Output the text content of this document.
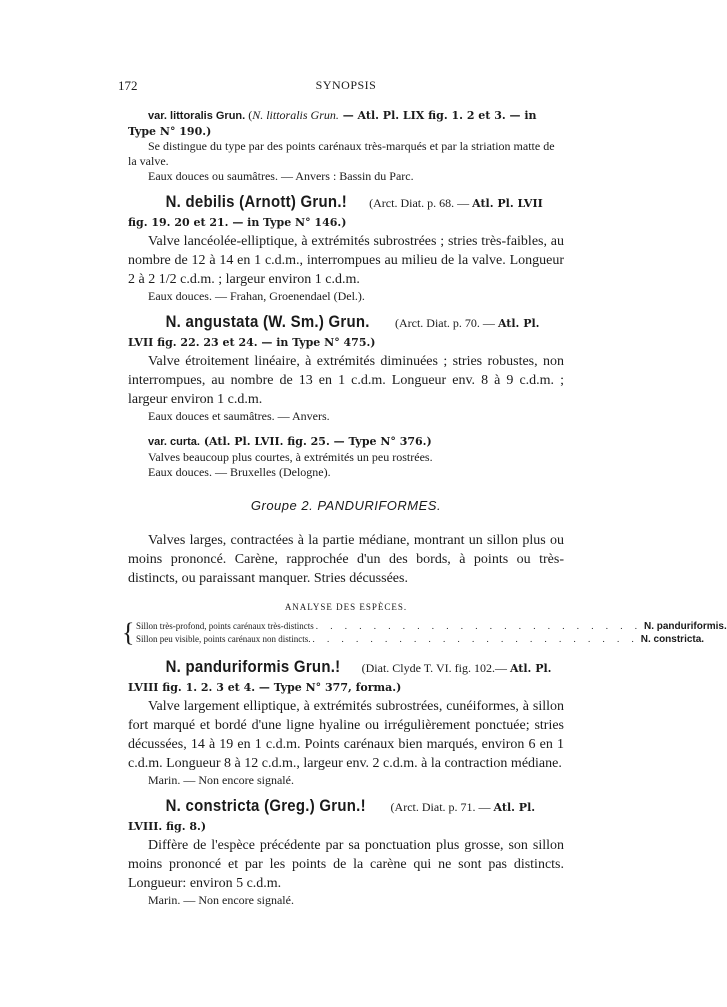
172	SYNOPSIS
var. littoralis Grun. (N. littoralis Grun. — Atl. Pl. LIX fig. 1. 2 et 3. — in Type N° 190.)
Se distingue du type par des points carénaux très-marqués et par la striation matte de la valve.
Eaux douces ou saumâtres. — Anvers : Bassin du Parc.
N. debilis (Arnott) Grun.! (Arct. Diat. p. 68. — Atl. Pl. LVII fig. 19. 20 et 21. — in Type N° 146.)
Valve lancéolée-elliptique, à extrémités subrostrées ; stries très-faibles, au nombre de 12 à 14 en 1 c.d.m., interrompues au milieu de la valve. Longueur 2 à 2 1/2 c.d.m. ; largeur environ 1 c.d.m.
Eaux douces. — Frahan, Groenendael (Del.).
N. angustata (W. Sm.) Grun. (Arct. Diat. p. 70. — Atl. Pl. LVII fig. 22. 23 et 24. — in Type N° 475.)
Valve étroitement linéaire, à extrémités diminuées ; stries robustes, non interrompues, au nombre de 13 en 1 c.d.m. Longueur env. 8 à 9 c.d.m. ; largeur environ 1 c.d.m.
Eaux douces et saumâtres. — Anvers.
var. curta. (Atl. Pl. LVII. fig. 25. — Type N° 376.)
Valves beaucoup plus courtes, à extrémités un peu rostrées.
Eaux douces. — Bruxelles (Delogne).
Groupe 2. PANDURIFORMES.
Valves larges, contractées à la partie médiane, montrant un sillon plus ou moins prononcé. Carène, rapprochée d'un des bords, à points ou très-distincts, ou paraissant manquer. Stries décussées.
ANALYSE DES ESPÈCES.
{ Sillon très-profond, points carénaux très-distincts . . . . . . . . . . . . . . . . . . . . . . . N. panduriformis.
Sillon peu visible, points carénaux non distincts. . . . . . . . . . . . . . . . . . . . . . . . N. constricta.
N. panduriformis Grun.! (Diat. Clyde T. VI. fig. 102.— Atl. Pl. LVIII fig. 1. 2. 3 et 4. — Type N° 377, forma.)
Valve largement elliptique, à extrémités subrostrées, cunéiformes, à sillon fort marqué et bordé d'une ligne hyaline ou irrégulièrement ponctuée; stries décussées, 14 à 19 en 1 c.d.m. Points carénaux bien marqués, environ 6 en 1 c.d.m. Longueur 8 à 12 c.d.m., largeur env. 2 c.d.m. à la contraction médiane.
Marin. — Non encore signalé.
N. constricta (Greg.) Grun.! (Arct. Diat. p. 71. — Atl. Pl. LVIII. fig. 8.)
Diffère de l'espèce précédente par sa ponctuation plus grosse, son sillon moins prononcé et par les points de la carène qui ne sont pas distincts. Longueur: environ 5 c.d.m.
Marin. — Non encore signalé.
